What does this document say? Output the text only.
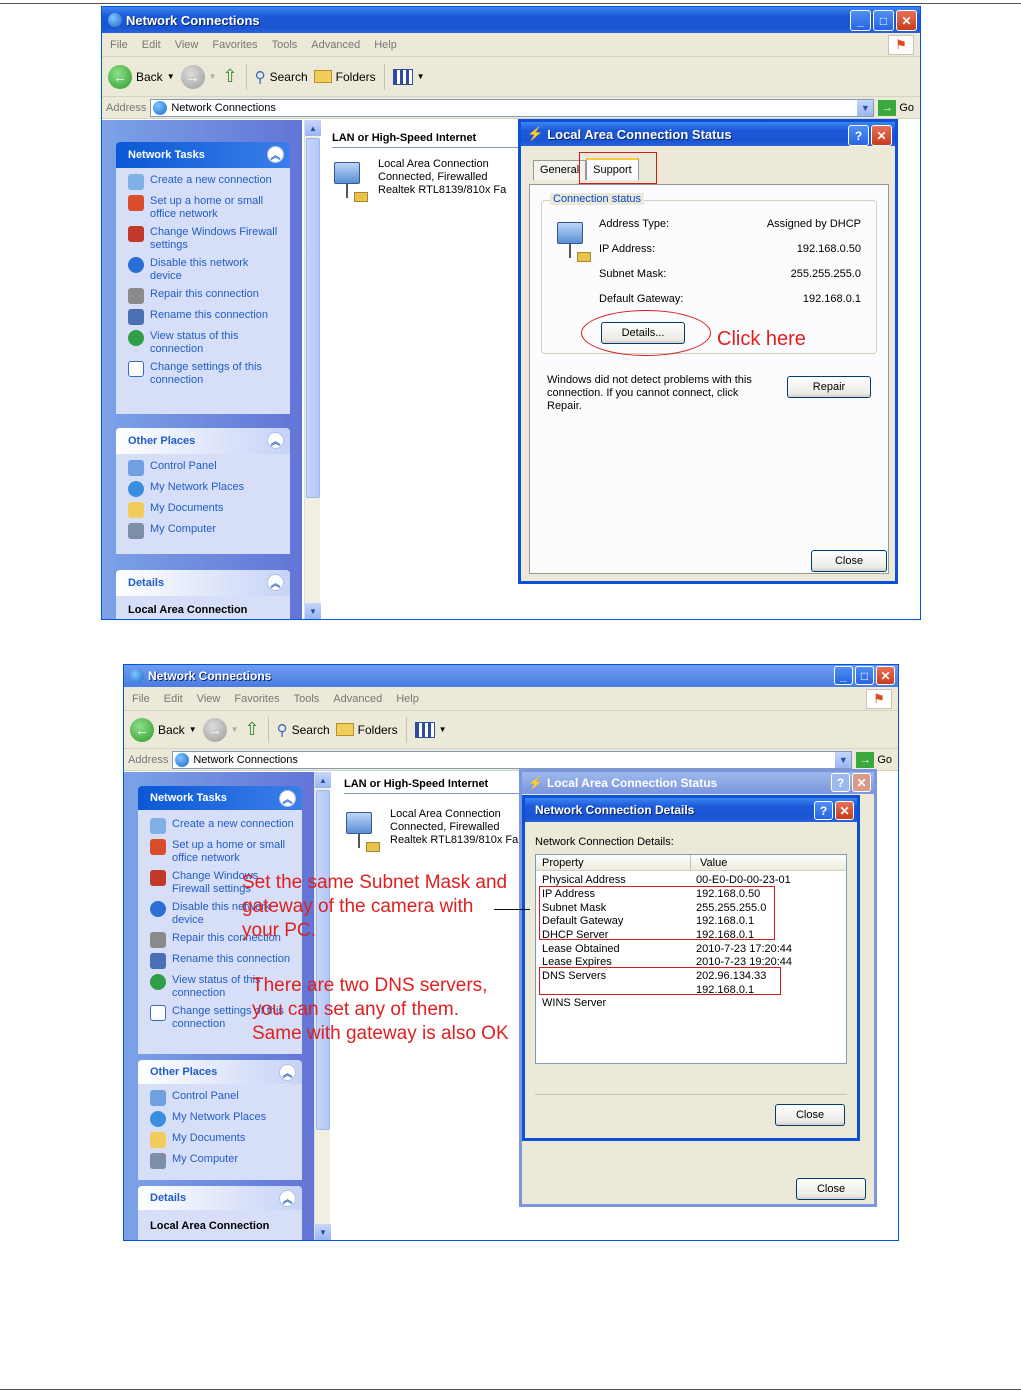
Network Connections	_	□	✕
File Edit View Favorites Tools Advanced Help	⚑
← Back ▼ →	▼ ⇧ ⚲ Search Folders	▼
Address Network Connections	▼	→ Go
Network Tasks	︽
Create a new connection
Set up a home or small office network
Change Windows Firewall settings
Disable this network device
Repair this connection
Rename this connection
View status of this connection
Change settings of this connection
Other Places	︽
Control Panel
My Network Places
My Documents
My Computer
Details	︽
Local Area Connection
▲
▼
LAN or High-Speed Internet
Local Area Connection
Connected, Firewalled
Realtek RTL8139/810x Fa
⚡ Local Area Connection Status	?	✕
General	Support
Connection status
Address Type:	Assigned by DHCP
IP Address:	192.168.0.50
Subnet Mask:	255.255.255.0
Default Gateway:	192.168.0.1
Details...	Click here
Windows did not detect problems with this connection. If you cannot connect, click Repair.
Repair
Close
Network Connections	_	□	✕
File Edit View Favorites Tools Advanced Help	⚑
← Back ▼ →	▼ ⇧ ⚲ Search Folders	▼
Address Network Connections	▼	→ Go
Network Tasks	︽
Create a new connection
Set up a home or small office network
Change Windows Firewall settings
Disable this network device
Repair this connection
Rename this connection
View status of this connection
Change settings of this connection
Other Places	︽
Control Panel
My Network Places
My Documents
My Computer
Details	︽
Local Area Connection
▲
▼
LAN or High-Speed Internet
Local Area Connection
Connected, Firewalled
Realtek RTL8139/810x Fa
⚡ Local Area Connection Status	?	✕
Close
Network Connection Details	?	✕
Network Connection Details:
Property	Value
Physical Address	00-E0-D0-00-23-01
IP Address	192.168.0.50
Subnet Mask	255.255.255.0
Default Gateway	192.168.0.1
DHCP Server	192.168.0.1
Lease Obtained	2010-7-23 17:20:44
Lease Expires	2010-7-23 19:20:44
DNS Servers	202.96.134.33
192.168.0.1
WINS Server
Close
Set the same Subnet Mask and
gateway of the camera with
your PC.
There are two DNS servers,
you can set any of them.
Same with gateway is also OK
